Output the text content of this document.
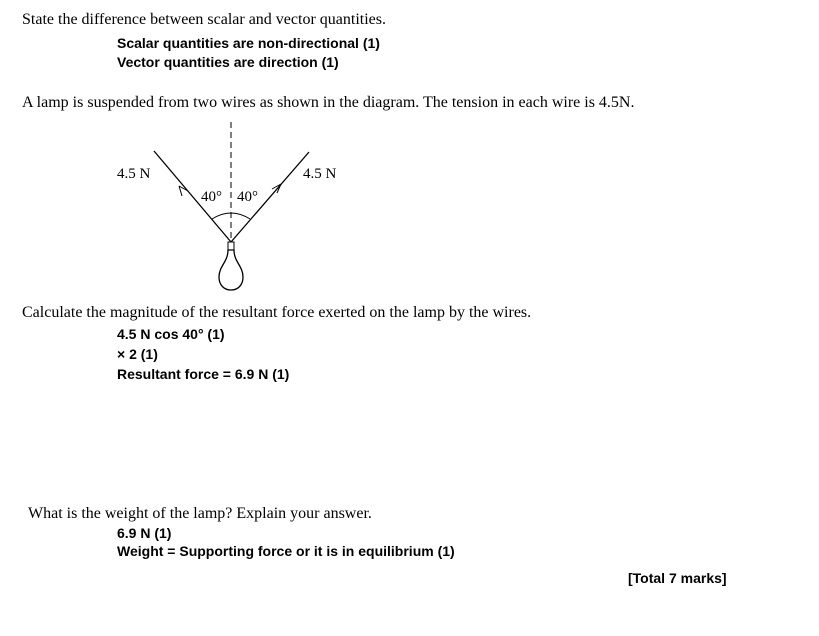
State the difference between scalar and vector quantities.
Scalar quantities are non-directional (1)
Vector quantities are direction (1)
A lamp is suspended from two wires as shown in the diagram. The tension in each wire is 4.5N.
4.5 N	4.5 N
40° 40°
Calculate the magnitude of the resultant force exerted on the lamp by the wires.
4.5 N cos 40° (1)
× 2 (1)
Resultant force = 6.9 N (1)
What is the weight of the lamp? Explain your answer.
6.9 N (1)
Weight = Supporting force or it is in equilibrium (1)
[Total 7 marks]
